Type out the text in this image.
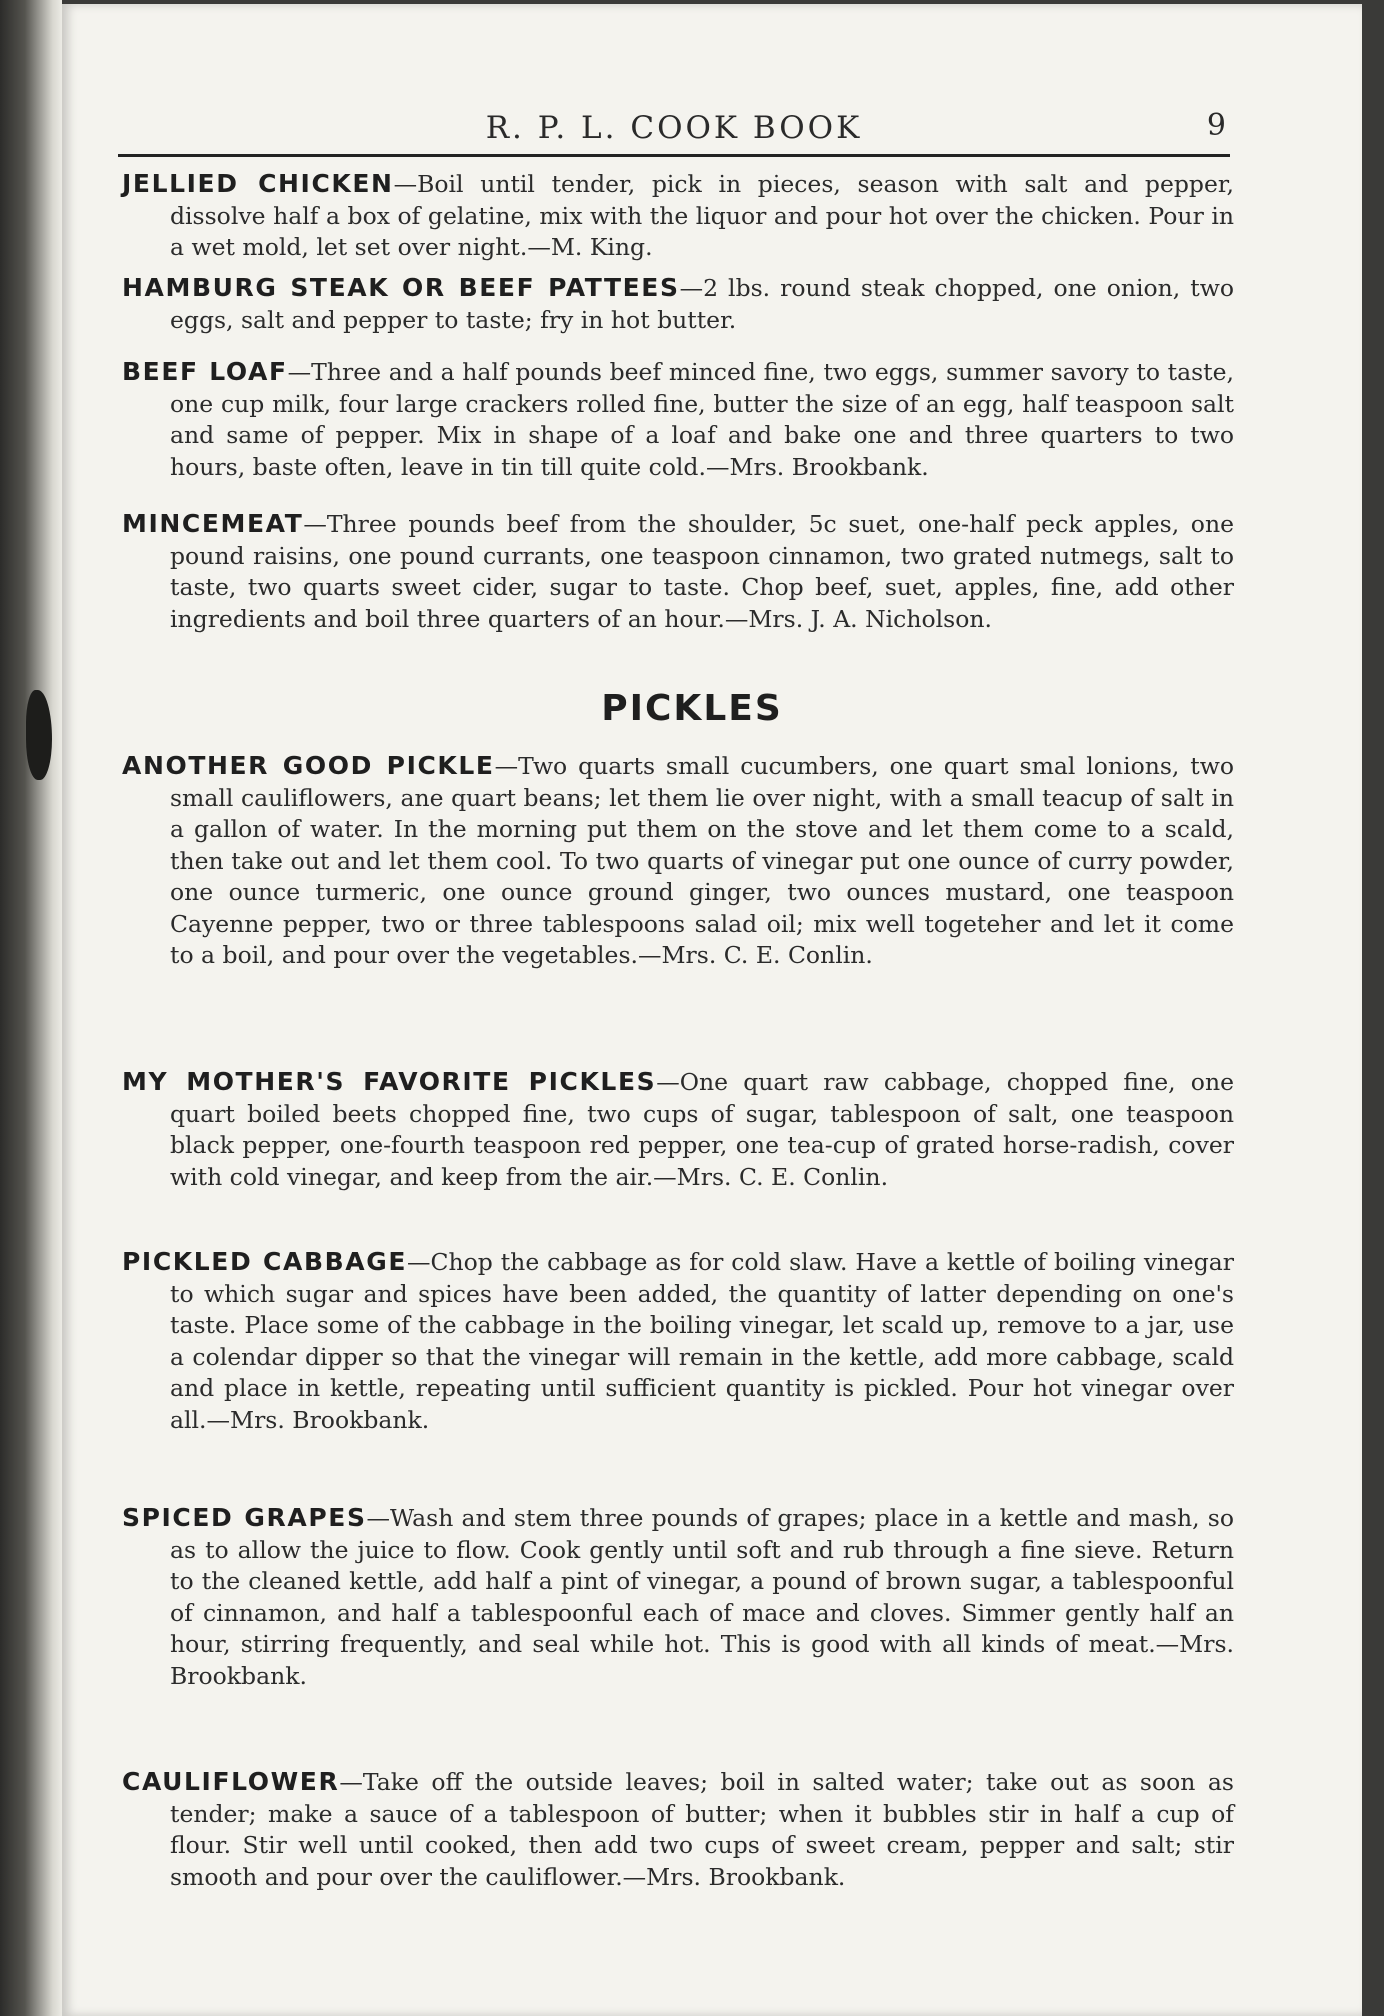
R. P. L. COOK BOOK	9

JELLIED CHICKEN—Boil until tender, pick in pieces, season with salt and pepper, dissolve half a box of gelatine, mix with the liquor and pour hot over the chicken. Pour in a wet mold, let set over night.—M. King.

HAMBURG STEAK OR BEEF PATTEES—2 lbs. round steak chopped, one onion, two eggs, salt and pepper to taste; fry in hot butter.

BEEF LOAF—Three and a half pounds beef minced fine, two eggs, summer savory to taste, one cup milk, four large crackers rolled fine, butter the size of an egg, half teaspoon salt and same of pepper. Mix in shape of a loaf and bake one and three quarters to two hours, baste often, leave in tin till quite cold.—Mrs. Brookbank.

MINCEMEAT—Three pounds beef from the shoulder, 5c suet, one-half peck apples, one pound raisins, one pound currants, one teaspoon cinnamon, two grated nutmegs, salt to taste, two quarts sweet cider, sugar to taste. Chop beef, suet, apples, fine, add other ingredients and boil three quarters of an hour.—Mrs. J. A. Nicholson.

PICKLES

ANOTHER GOOD PICKLE—Two quarts small cucumbers, one quart smal lonions, two small cauliflowers, ane quart beans; let them lie over night, with a small teacup of salt in a gallon of water. In the morning put them on the stove and let them come to a scald, then take out and let them cool. To two quarts of vinegar put one ounce of curry powder, one ounce turmeric, one ounce ground ginger, two ounces mustard, one teaspoon Cayenne pepper, two or three tablespoons salad oil; mix well togeteher and let it come to a boil, and pour over the vegetables.—Mrs. C. E. Conlin.

MY MOTHER'S FAVORITE PICKLES—One quart raw cabbage, chopped fine, one quart boiled beets chopped fine, two cups of sugar, tablespoon of salt, one teaspoon black pepper, one-fourth teaspoon red pepper, one tea-cup of grated horse-radish, cover with cold vinegar, and keep from the air.—Mrs. C. E. Conlin.

PICKLED CABBAGE—Chop the cabbage as for cold slaw. Have a kettle of boiling vinegar to which sugar and spices have been added, the quantity of latter depending on one's taste. Place some of the cabbage in the boiling vinegar, let scald up, remove to a jar, use a colendar dipper so that the vinegar will remain in the kettle, add more cabbage, scald and place in kettle, repeating until sufficient quantity is pickled. Pour hot vinegar over all.—Mrs. Brookbank.

SPICED GRAPES—Wash and stem three pounds of grapes; place in a kettle and mash, so as to allow the juice to flow. Cook gently until soft and rub through a fine sieve. Return to the cleaned kettle, add half a pint of vinegar, a pound of brown sugar, a tablespoonful of cinnamon, and half a tablespoonful each of mace and cloves. Simmer gently half an hour, stirring frequently, and seal while hot. This is good with all kinds of meat.—Mrs. Brookbank.

CAULIFLOWER—Take off the outside leaves; boil in salted water; take out as soon as tender; make a sauce of a tablespoon of butter; when it bubbles stir in half a cup of flour. Stir well until cooked, then add two cups of sweet cream, pepper and salt; stir smooth and pour over the cauliflower.—Mrs. Brookbank.
